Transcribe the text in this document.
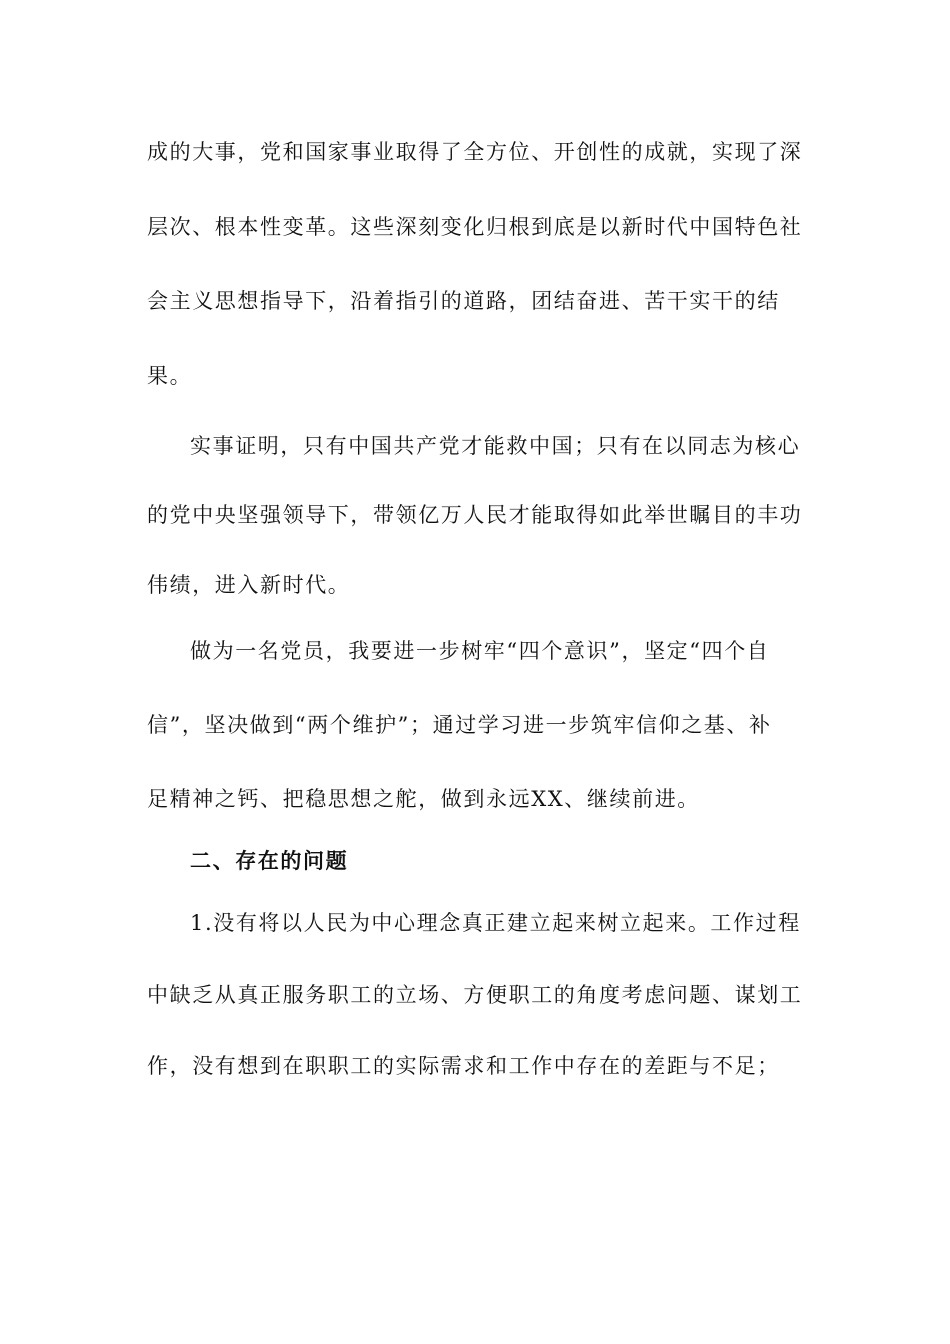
成的大事，党和国家事业取得了全方位、开创性的成就，实现了深
层次、根本性变革。这些深刻变化归根到底是以新时代中国特色社
会主义思想指导下，沿着指引的道路，团结奋进、苦干实干的结
果。
实事证明，只有中国共产党才能救中国；只有在以同志为核心
的党中央坚强领导下，带领亿万人民才能取得如此举世瞩目的丰功
伟绩，进入新时代。
做为一名党员，我要进一步树牢“四个意识”，坚定“四个自
信”，坚决做到“两个维护”；通过学习进一步筑牢信仰之基、补
足精神之钙、把稳思想之舵，做到永远XX、继续前进。
二、存在的问题
1.没有将以人民为中心理念真正建立起来树立起来。工作过程
中缺乏从真正服务职工的立场、方便职工的角度考虑问题、谋划工
作，没有想到在职职工的实际需求和工作中存在的差距与不足；
